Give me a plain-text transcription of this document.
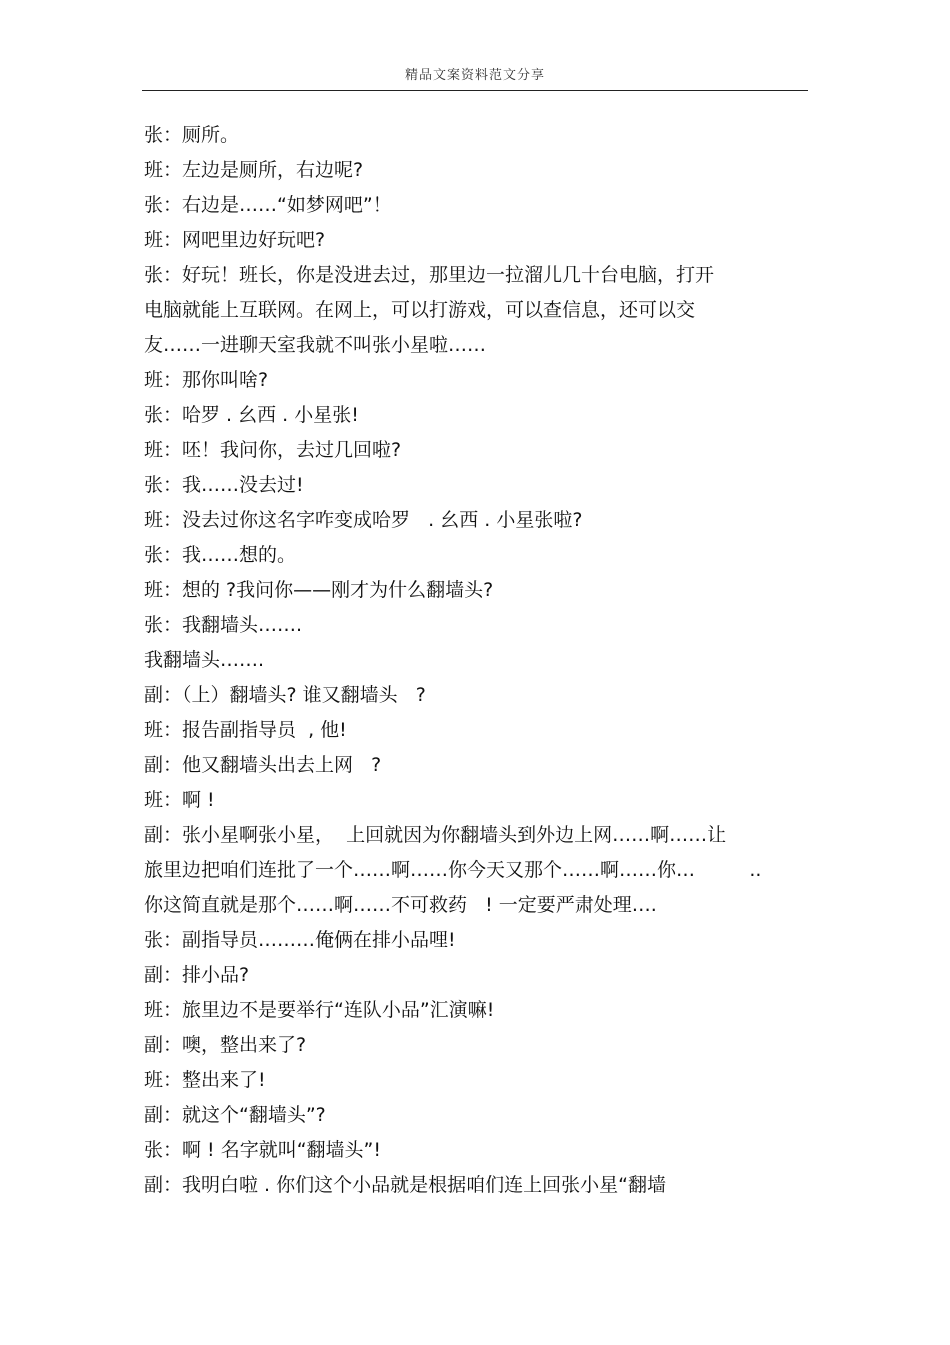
精品文案资料范文分享
张：厕所。
班：左边是厕所，右边呢?
张：右边是……“如梦网吧”！
班：网吧里边好玩吧?
张：好玩！班长，你是没进去过，那里边一拉溜儿几十台电脑，打开
电脑就能上互联网。在网上，可以打游戏，可以查信息，还可以交
友……一进聊天室我就不叫张小星啦……
班：那你叫啥?
张：哈罗 . 幺西 . 小星张!
班：呸！我问你，去过几回啦?
张：我……没去过!
班：没去过你这名字咋变成哈罗   . 幺西 . 小星张啦?
张：我……想的。
班：想的 ?我问你——刚才为什么翻墙头?
张：我翻墙头…….
我翻墙头…….
副：（上）翻墙头? 谁又翻墙头   ?
班：报告副指导员  , 他!
副：他又翻墙头出去上网   ?
班：啊 !
副：张小星啊张小星，  上回就因为你翻墙头到外边上网……啊……让
旅里边把咱们连批了一个……啊……你今天又那个……啊……你…         ..
你这简直就是那个……啊……不可救药   ! 一定要严肃处理….
张：副指导员………俺俩在排小品哩!
副：排小品?
班：旅里边不是要举行“连队小品”汇演嘛!
副：噢，整出来了?
班：整出来了!
副：就这个“翻墙头”?
张：啊 ! 名字就叫“翻墙头”!
副：我明白啦 . 你们这个小品就是根据咱们连上回张小星“翻墙
